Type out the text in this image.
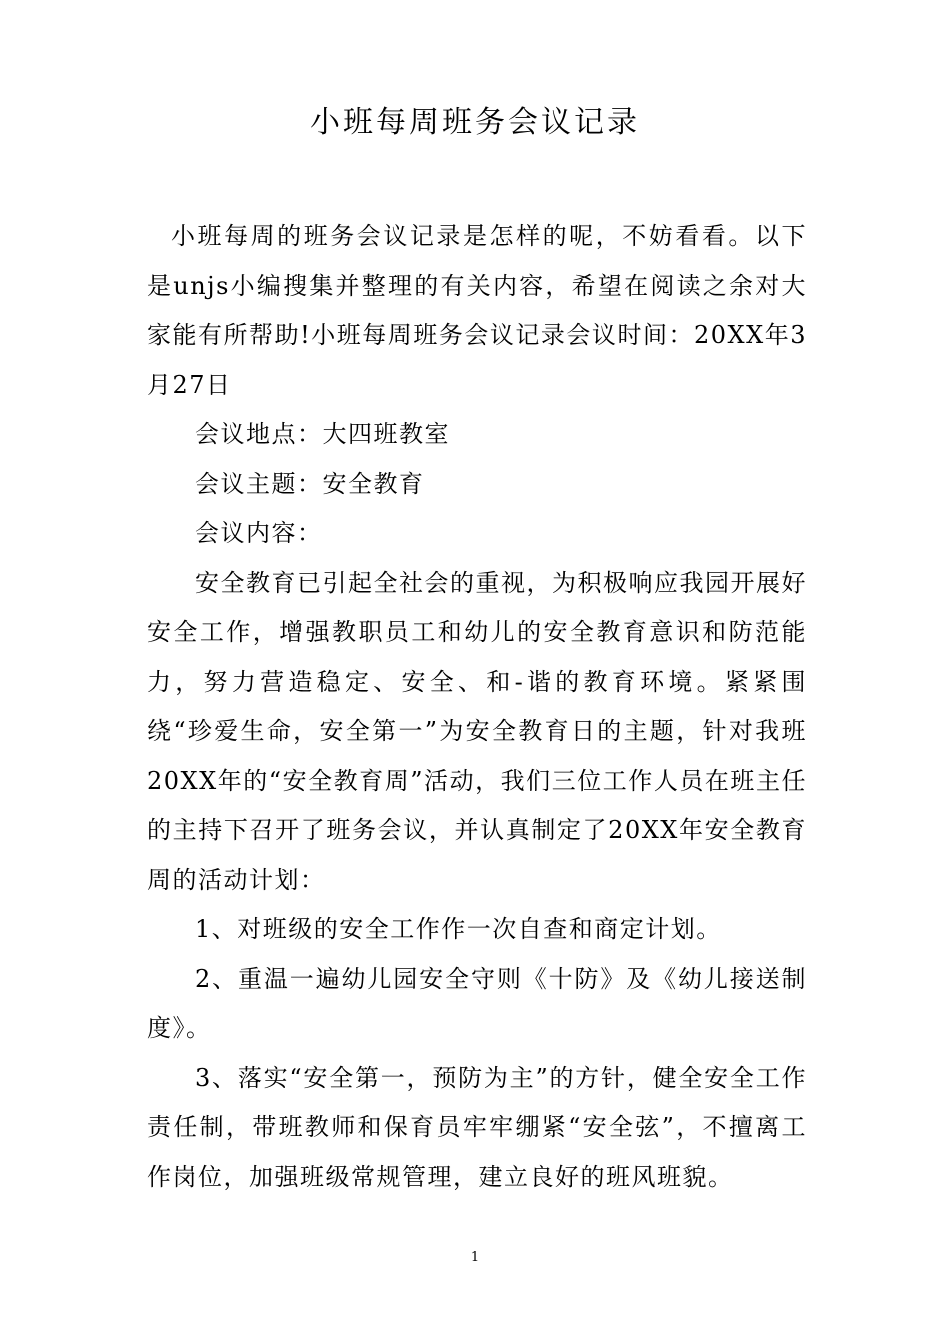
小班每周班务会议记录

小班每周的班务会议记录是怎样的呢，不妨看看。以下是unjs小编搜集并整理的有关内容，希望在阅读之余对大家能有所帮助!小班每周班务会议记录会议时间：20XX年3月27日

会议地点：大四班教室

会议主题：安全教育

会议内容：

安全教育已引起全社会的重视，为积极响应我园开展好安全工作，增强教职员工和幼儿的安全教育意识和防范能力，努力营造稳定、安全、和-谐的教育环境。紧紧围绕“珍爱生命，安全第一”为安全教育日的主题，针对我班20XX年的“安全教育周”活动，我们三位工作人员在班主任的主持下召开了班务会议，并认真制定了20XX年安全教育周的活动计划：

1、对班级的安全工作作一次自查和商定计划。

2、重温一遍幼儿园安全守则《十防》及《幼儿接送制度》。

3、落实“安全第一，预防为主”的方针，健全安全工作责任制，带班教师和保育员牢牢绷紧“安全弦”，不擅离工作岗位，加强班级常规管理，建立良好的班风班貌。

1
